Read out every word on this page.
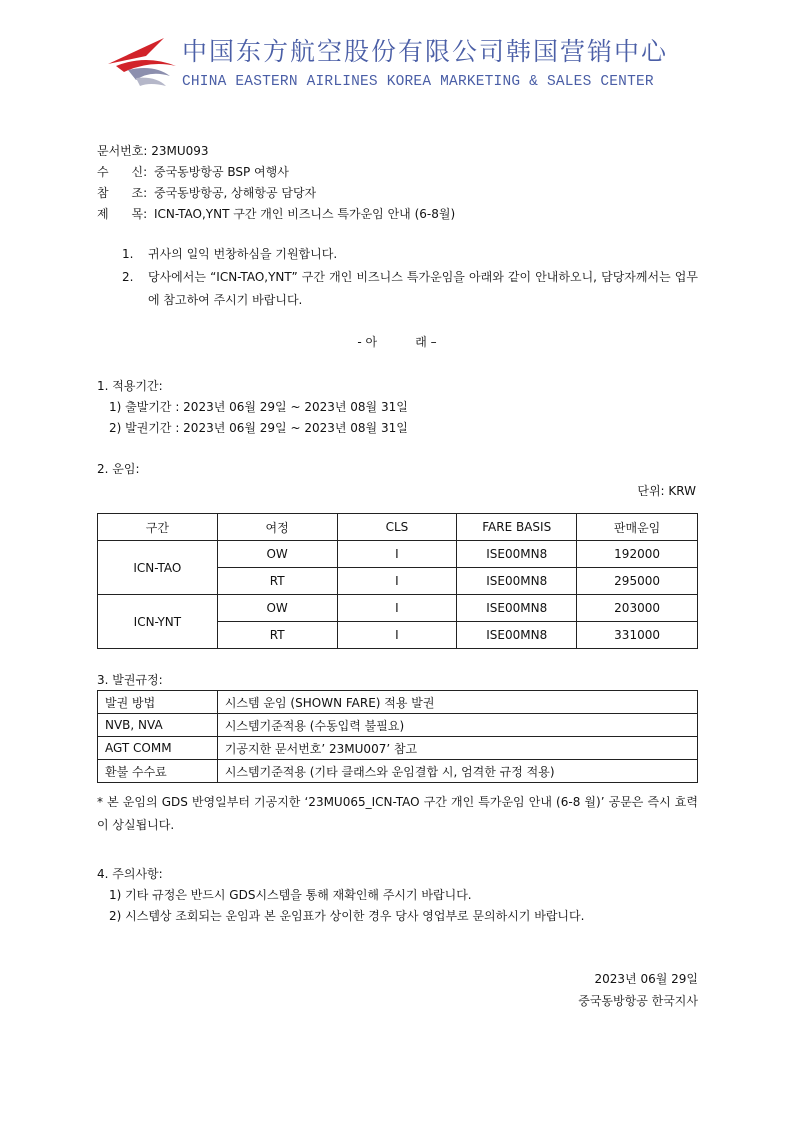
中国东方航空股份有限公司韩国营销中心
CHINA EASTERN AIRLINES KOREA MARKETING & SALES CENTER
문서번호: 23MU093
수      신: 중국동방항공 BSP 여행사
참      조: 중국동방항공, 상해항공 담당자
제      목: ICN-TAO,YNT 구간 개인 비즈니스 특가운임 안내 (6-8월)
1. 귀사의 일익 번창하심을 기원합니다.
2. 당사에서는 “ICN-TAO,YNT” 구간 개인 비즈니스 특가운임을 아래와 같이 안내하오니, 담당자께서는 업무에 참고하여 주시기 바랍니다.
- 아          래 –
1. 적용기간:
1) 출발기간 : 2023년 06월 29일 ~ 2023년 08월 31일
2) 발권기간 : 2023년 06월 29일 ~ 2023년 08월 31일
2. 운임:
단위: KRW
구간	여정	CLS	FARE BASIS	판매운임
ICN-TAO	OW	I	ISE00MN8	192000
	RT	I	ISE00MN8	295000
ICN-YNT	OW	I	ISE00MN8	203000
	RT	I	ISE00MN8	331000
3. 발권규정:
발권 방법	시스템 운임 (SHOWN FARE) 적용 발권
NVB, NVA	시스템기준적용 (수동입력 불필요)
AGT COMM	기공지한 문서번호’ 23MU007’ 참고
환불 수수료	시스템기준적용 (기타 클래스와 운임결합 시, 엄격한 규정 적용)
* 본 운임의 GDS 반영일부터 기공지한 ‘23MU065_ICN-TAO 구간 개인 특가운임 안내 (6-8 월)’ 공문은 즉시 효력이 상실됩니다.
4. 주의사항:
1) 기타 규정은 반드시 GDS시스템을 통해 재확인해 주시기 바랍니다.
2) 시스템상 조회되는 운임과 본 운임표가 상이한 경우 당사 영업부로 문의하시기 바랍니다.
2023년 06월 29일
중국동방항공 한국지사
